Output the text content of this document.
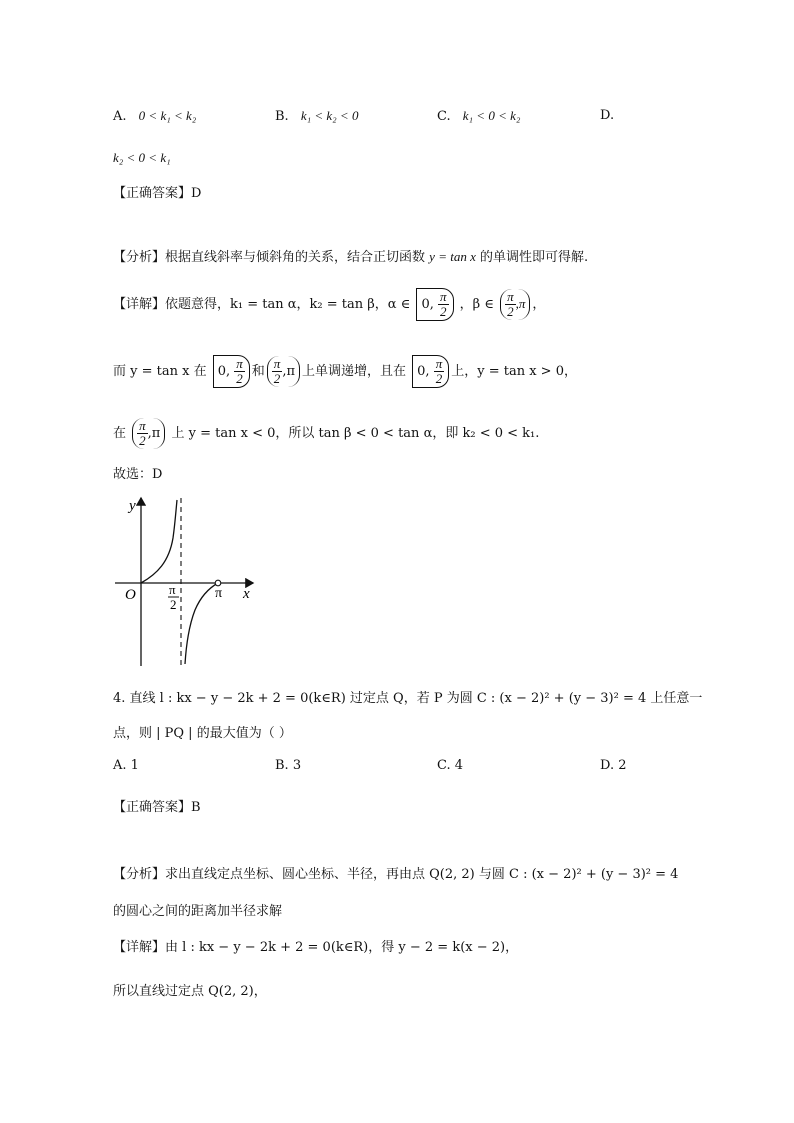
A. 0 < k₁ < k₂	B. k₁ < k₂ < 0	C. k₁ < 0 < k₂	D.
k₂ < 0 < k₁
【正确答案】D
【分析】根据直线斜率与倾斜角的关系，结合正切函数 y = tan x 的单调性即可得解.
【详解】依题意得，k₁ = tan α，k₂ = tan β，α ∈ 0, $\frac{\pi}{2}$ ，β ∈ $\frac{\pi}{2} ,\pi$ ，
而 y = tan x 在 0, $\frac{\pi}{2}$ 和 $\frac{\pi}{2} ,\pi$ 上单调递增，且在 0, $\frac{\pi}{2}$ 上，y = tan x > 0，
在 $\frac{\pi}{2} ,\pi$ 上 y = tan x < 0，所以 tan β < 0 < tan α，即 k₂ < 0 < k₁.
故选：D
y
x
O	π
π
2
4. 直线 l : kx − y − 2k + 2 = 0(k∈R) 过定点 Q，若 P 为圆 C : (x − 2)² + (y − 3)² = 4 上任意一
点，则 | PQ | 的最大值为（ ）
A. 1	B. 3	C. 4	D. 2
【正确答案】B
【分析】求出直线定点坐标、圆心坐标、半径，再由点 Q(2, 2) 与圆 C : (x − 2)² + (y − 3)² = 4
的圆心之间的距离加半径求解
【详解】由 l : kx − y − 2k + 2 = 0(k∈R)，得 y − 2 = k(x − 2)，
所以直线过定点 Q(2, 2)，
